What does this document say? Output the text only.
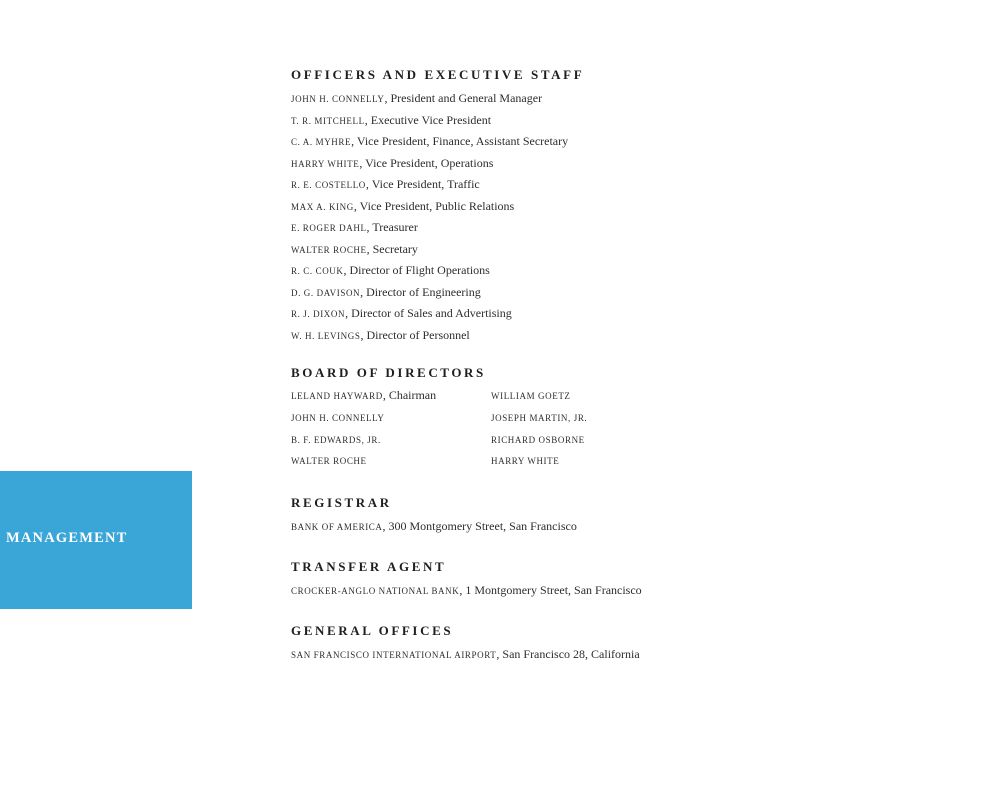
OFFICERS AND EXECUTIVE STAFF
JOHN H. CONNELLY, President and General Manager
T. R. MITCHELL, Executive Vice President
C. A. MYHRE, Vice President, Finance, Assistant Secretary
HARRY WHITE, Vice President, Operations
R. E. COSTELLO, Vice President, Traffic
MAX A. KING, Vice President, Public Relations
E. ROGER DAHL, Treasurer
WALTER ROCHE, Secretary
R. C. COUK, Director of Flight Operations
D. G. DAVISON, Director of Engineering
R. J. DIXON, Director of Sales and Advertising
W. H. LEVINGS, Director of Personnel
BOARD OF DIRECTORS
LELAND HAYWARD, Chairman	WILLIAM GOETZ
JOHN H. CONNELLY	JOSEPH MARTIN, JR.
B. F. EDWARDS, JR.	RICHARD OSBORNE
WALTER ROCHE	HARRY WHITE
REGISTRAR
BANK OF AMERICA, 300 Montgomery Street, San Francisco
TRANSFER AGENT
CROCKER-ANGLO NATIONAL BANK, 1 Montgomery Street, San Francisco
GENERAL OFFICES
SAN FRANCISCO INTERNATIONAL AIRPORT, San Francisco 28, California
MANAGEMENT
